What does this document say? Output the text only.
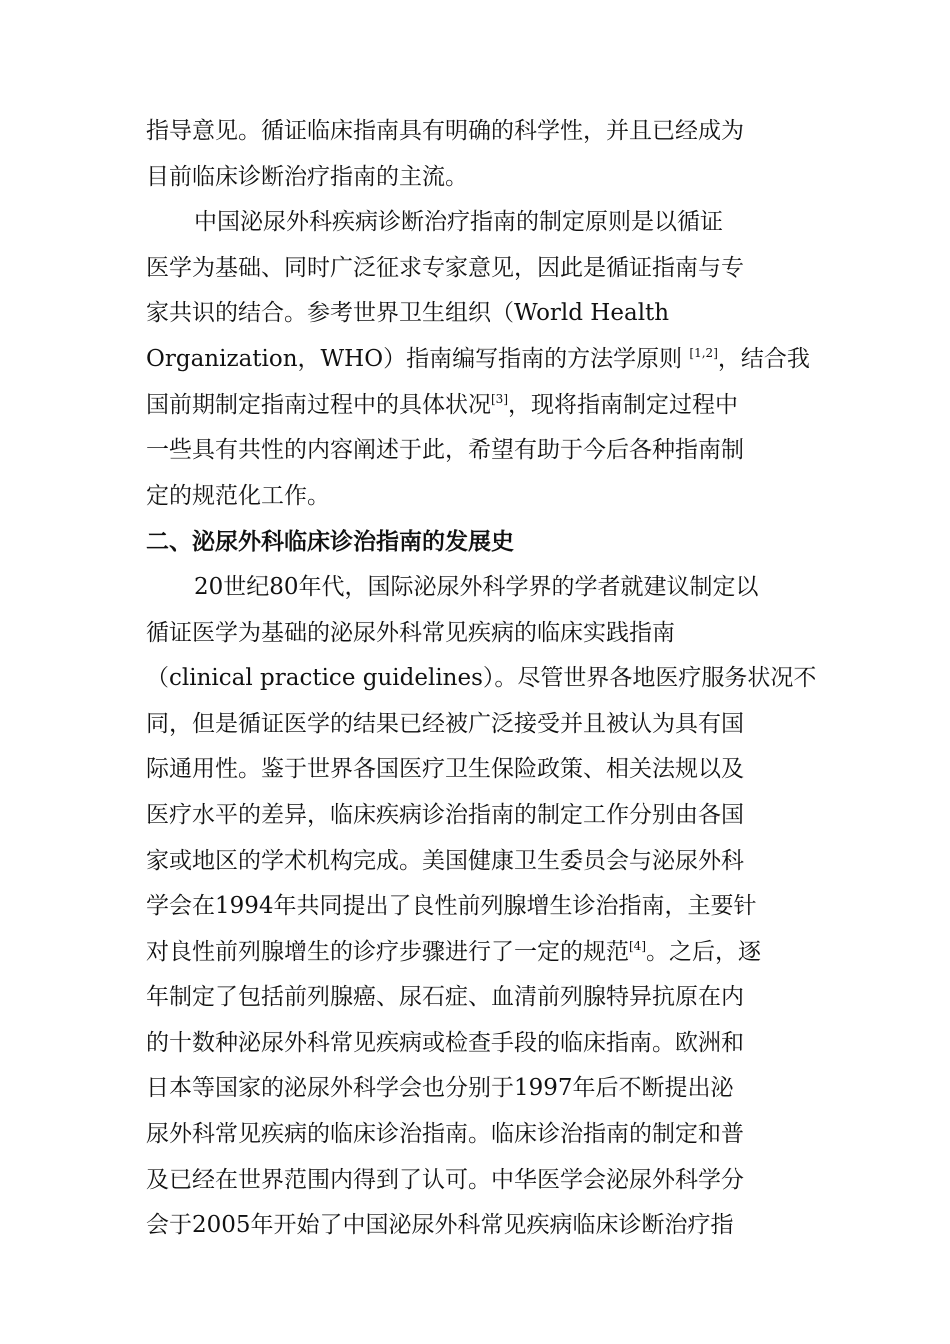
指导意见。循证临床指南具有明确的科学性，并且已经成为
目前临床诊断治疗指南的主流。
中国泌尿外科疾病诊断治疗指南的制定原则是以循证
医学为基础、同时广泛征求专家意见，因此是循证指南与专
家共识的结合。参考世界卫生组织（World Health
Organization，WHO）指南编写指南的方法学原则 [1,2]，结合我
国前期制定指南过程中的具体状况[3]，现将指南制定过程中
一些具有共性的内容阐述于此，希望有助于今后各种指南制
定的规范化工作。
二、泌尿外科临床诊治指南的发展史
20世纪80年代，国际泌尿外科学界的学者就建议制定以
循证医学为基础的泌尿外科常见疾病的临床实践指南
（clinical practice guidelines）。尽管世界各地医疗服务状况不
同，但是循证医学的结果已经被广泛接受并且被认为具有国
际通用性。鉴于世界各国医疗卫生保险政策、相关法规以及
医疗水平的差异，临床疾病诊治指南的制定工作分别由各国
家或地区的学术机构完成。美国健康卫生委员会与泌尿外科
学会在1994年共同提出了良性前列腺增生诊治指南，主要针
对良性前列腺增生的诊疗步骤进行了一定的规范[4]。之后，逐
年制定了包括前列腺癌、尿石症、血清前列腺特异抗原在内
的十数种泌尿外科常见疾病或检查手段的临床指南。欧洲和
日本等国家的泌尿外科学会也分别于1997年后不断提出泌
尿外科常见疾病的临床诊治指南。临床诊治指南的制定和普
及已经在世界范围内得到了认可。中华医学会泌尿外科学分
会于2005年开始了中国泌尿外科常见疾病临床诊断治疗指
